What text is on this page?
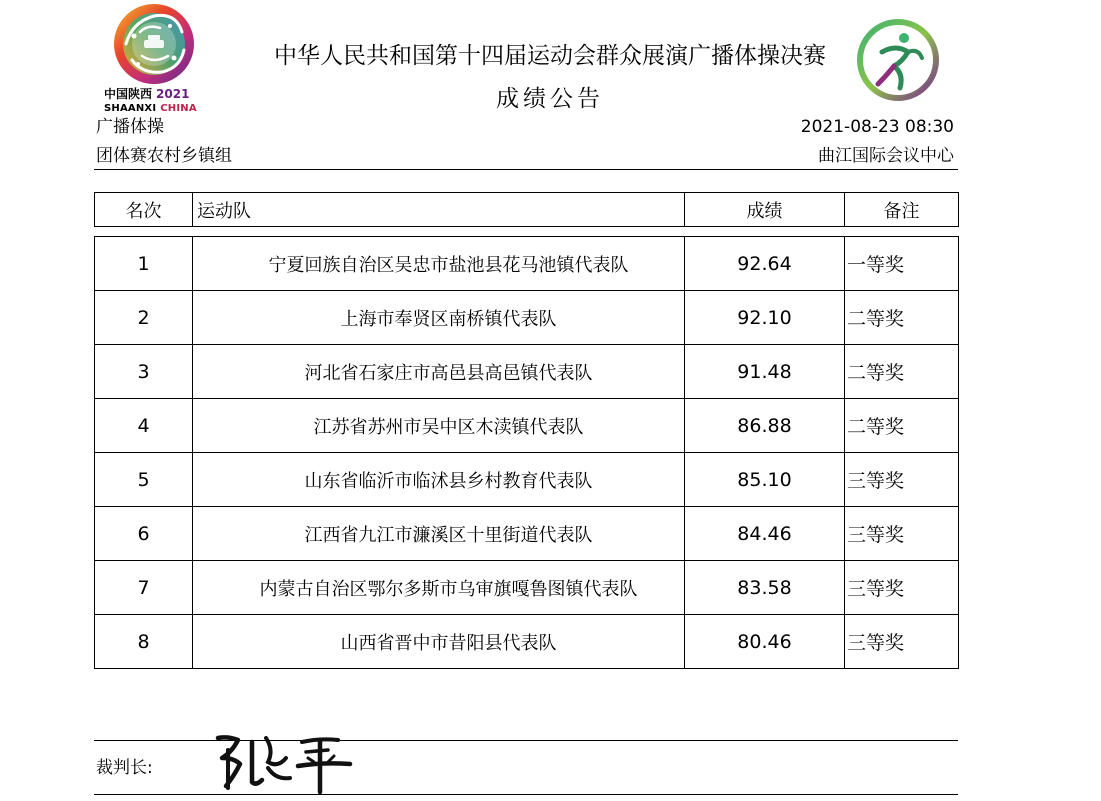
中国陕西 2021
SHAANXI CHINA
中华人民共和国第十四届运动会群众展演广播体操决赛
成绩公告
广播体操
团体赛农村乡镇组
2021-08-23 08:30
曲江国际会议中心
名次	运动队	成绩	备注
1	宁夏回族自治区吴忠市盐池县花马池镇代表队	92.64	一等奖
2	上海市奉贤区南桥镇代表队	92.10	二等奖
3	河北省石家庄市高邑县高邑镇代表队	91.48	二等奖
4	江苏省苏州市吴中区木渎镇代表队	86.88	二等奖
5	山东省临沂市临沭县乡村教育代表队	85.10	三等奖
6	江西省九江市濂溪区十里街道代表队	84.46	三等奖
7	内蒙古自治区鄂尔多斯市乌审旗嘎鲁图镇代表队	83.58	三等奖
8	山西省晋中市昔阳县代表队	80.46	三等奖
裁判长:
